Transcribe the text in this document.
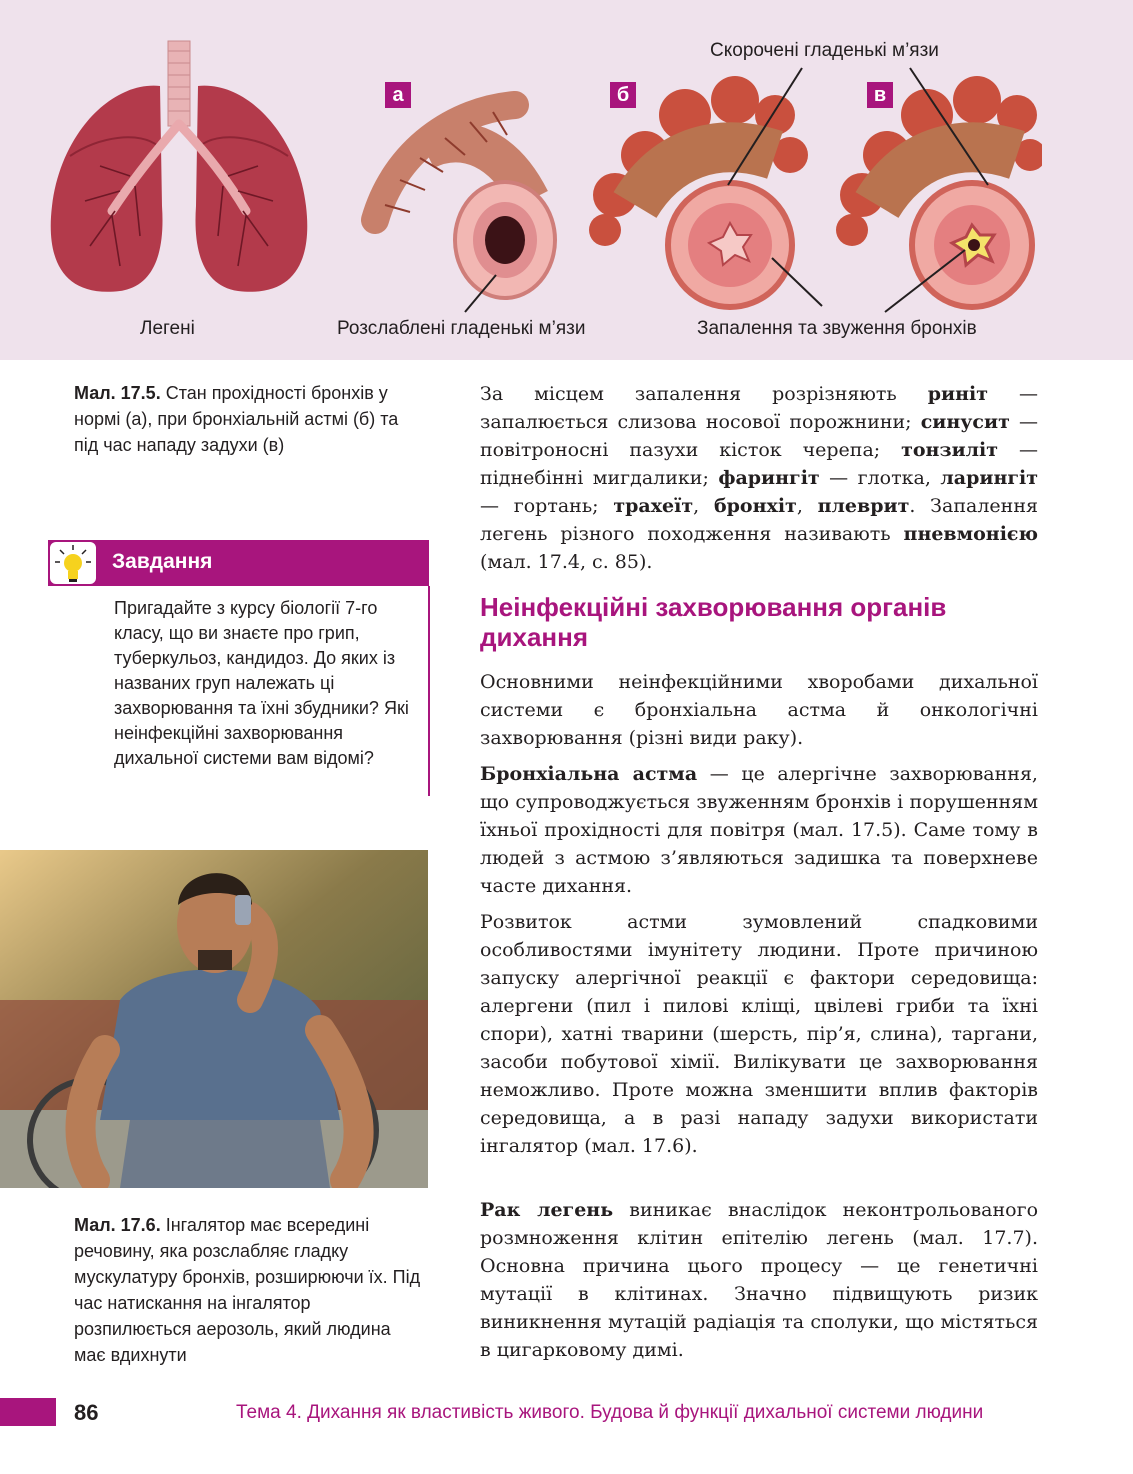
а	б	в
Скорочені гладенькі м’язи
Легені	Розслаблені гладенькі м’язи	Запалення та звуження бронхів
Мал. 17.5. Стан прохідності бронхів у нормі (а), при бронхіальній астмі (б) та під час нападу задухи (в)
Завдання
Пригадайте з курсу біології 7-го класу, що ви знаєте про грип, туберкульоз, кандидоз. До яких із названих груп належать ці захворювання та їхні збудники? Які неінфекційні захворювання дихальної системи вам відомі?
Мал. 17.6. Інгалятор має всередині речовину, яка розслабляє гладку мускулатуру бронхів, розширюючи їх. Під час натискання на інгалятор розпилюється аерозоль, який людина має вдихнути
За місцем запалення розрізняють риніт — запалюється слизова носової порожнини; синусит — повітроносні пазухи кісток черепа; тонзиліт — піднебінні мигдалики; фарингіт — глотка, ларингіт — гортань; трахеїт, бронхіт, плеврит. Запалення легень різного походження називають пневмонією (мал. 17.4, с. 85).
Неінфекційні захворювання органів дихання
Основними неінфекційними хворобами дихальної системи є бронхіальна астма й онкологічні захворювання (різні види раку).
Бронхіальна астма — це алергічне захворювання, що супроводжується звуженням бронхів і порушенням їхньої прохідності для повітря (мал. 17.5). Саме тому в людей з астмою з’являються задишка та поверхневе часте дихання.
Розвиток астми зумовлений спадковими особливостями імунітету людини. Проте причиною запуску алергічної реакції є фактори середовища: алергени (пил і пилові кліщі, цвілеві гриби та їхні спори), хатні тварини (шерсть, пір’я, слина), таргани, засоби побутової хімії. Вилікувати це захворювання неможливо. Проте можна зменшити вплив факторів середовища, а в разі нападу задухи використати інгалятор (мал. 17.6).
Рак легень виникає внаслідок неконтрольованого розмноження клітин епітелію легень (мал. 17.7). Основна причина цього процесу — це генетичні мутації в клітинах. Значно підвищують ризик виникнення мутацій радіація та сполуки, що містяться в цигарковому димі.
86	Тема 4. Дихання як властивість живого. Будова й функції дихальної системи людини
